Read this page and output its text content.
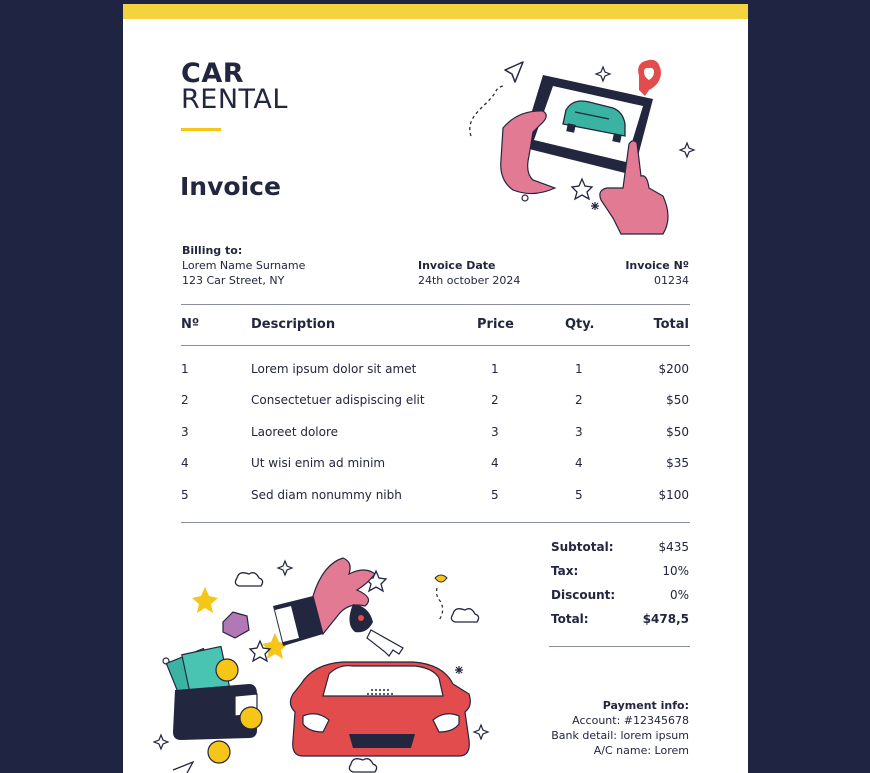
CAR
RENTAL
Invoice
Billing to:
Lorem Name Surname
123 Car Street, NY
Invoice Date
24th october 2024
Invoice Nº
01234
Nº	Description	Price	Qty.	Total
1	Lorem ipsum dolor sit amet	1	1	$200
2	Consectetuer adispiscing elit	2	2	$50
3	Laoreet dolore	3	3	$50
4	Ut wisi enim ad minim	4	4	$35
5	Sed diam nonummy nibh	5	5	$100
Subtotal:	$435
Tax:	10%
Discount:	0%
Total:	$478,5
Payment info:
Account: #12345678
Bank detail: lorem ipsum
A/C name: Lorem
